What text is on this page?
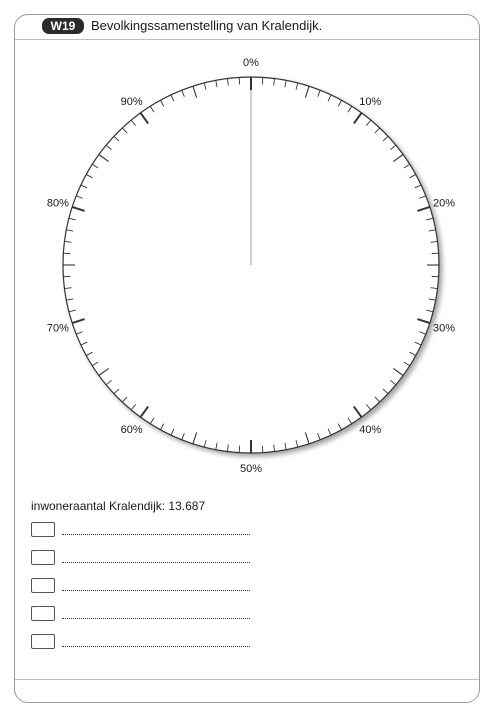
W19	Bevolkingssamenstelling van Kralendijk.
0%
10%
20%
30%
40%
50%
60%
70%
80%
90%
inwoneraantal Kralendijk: 13.687
